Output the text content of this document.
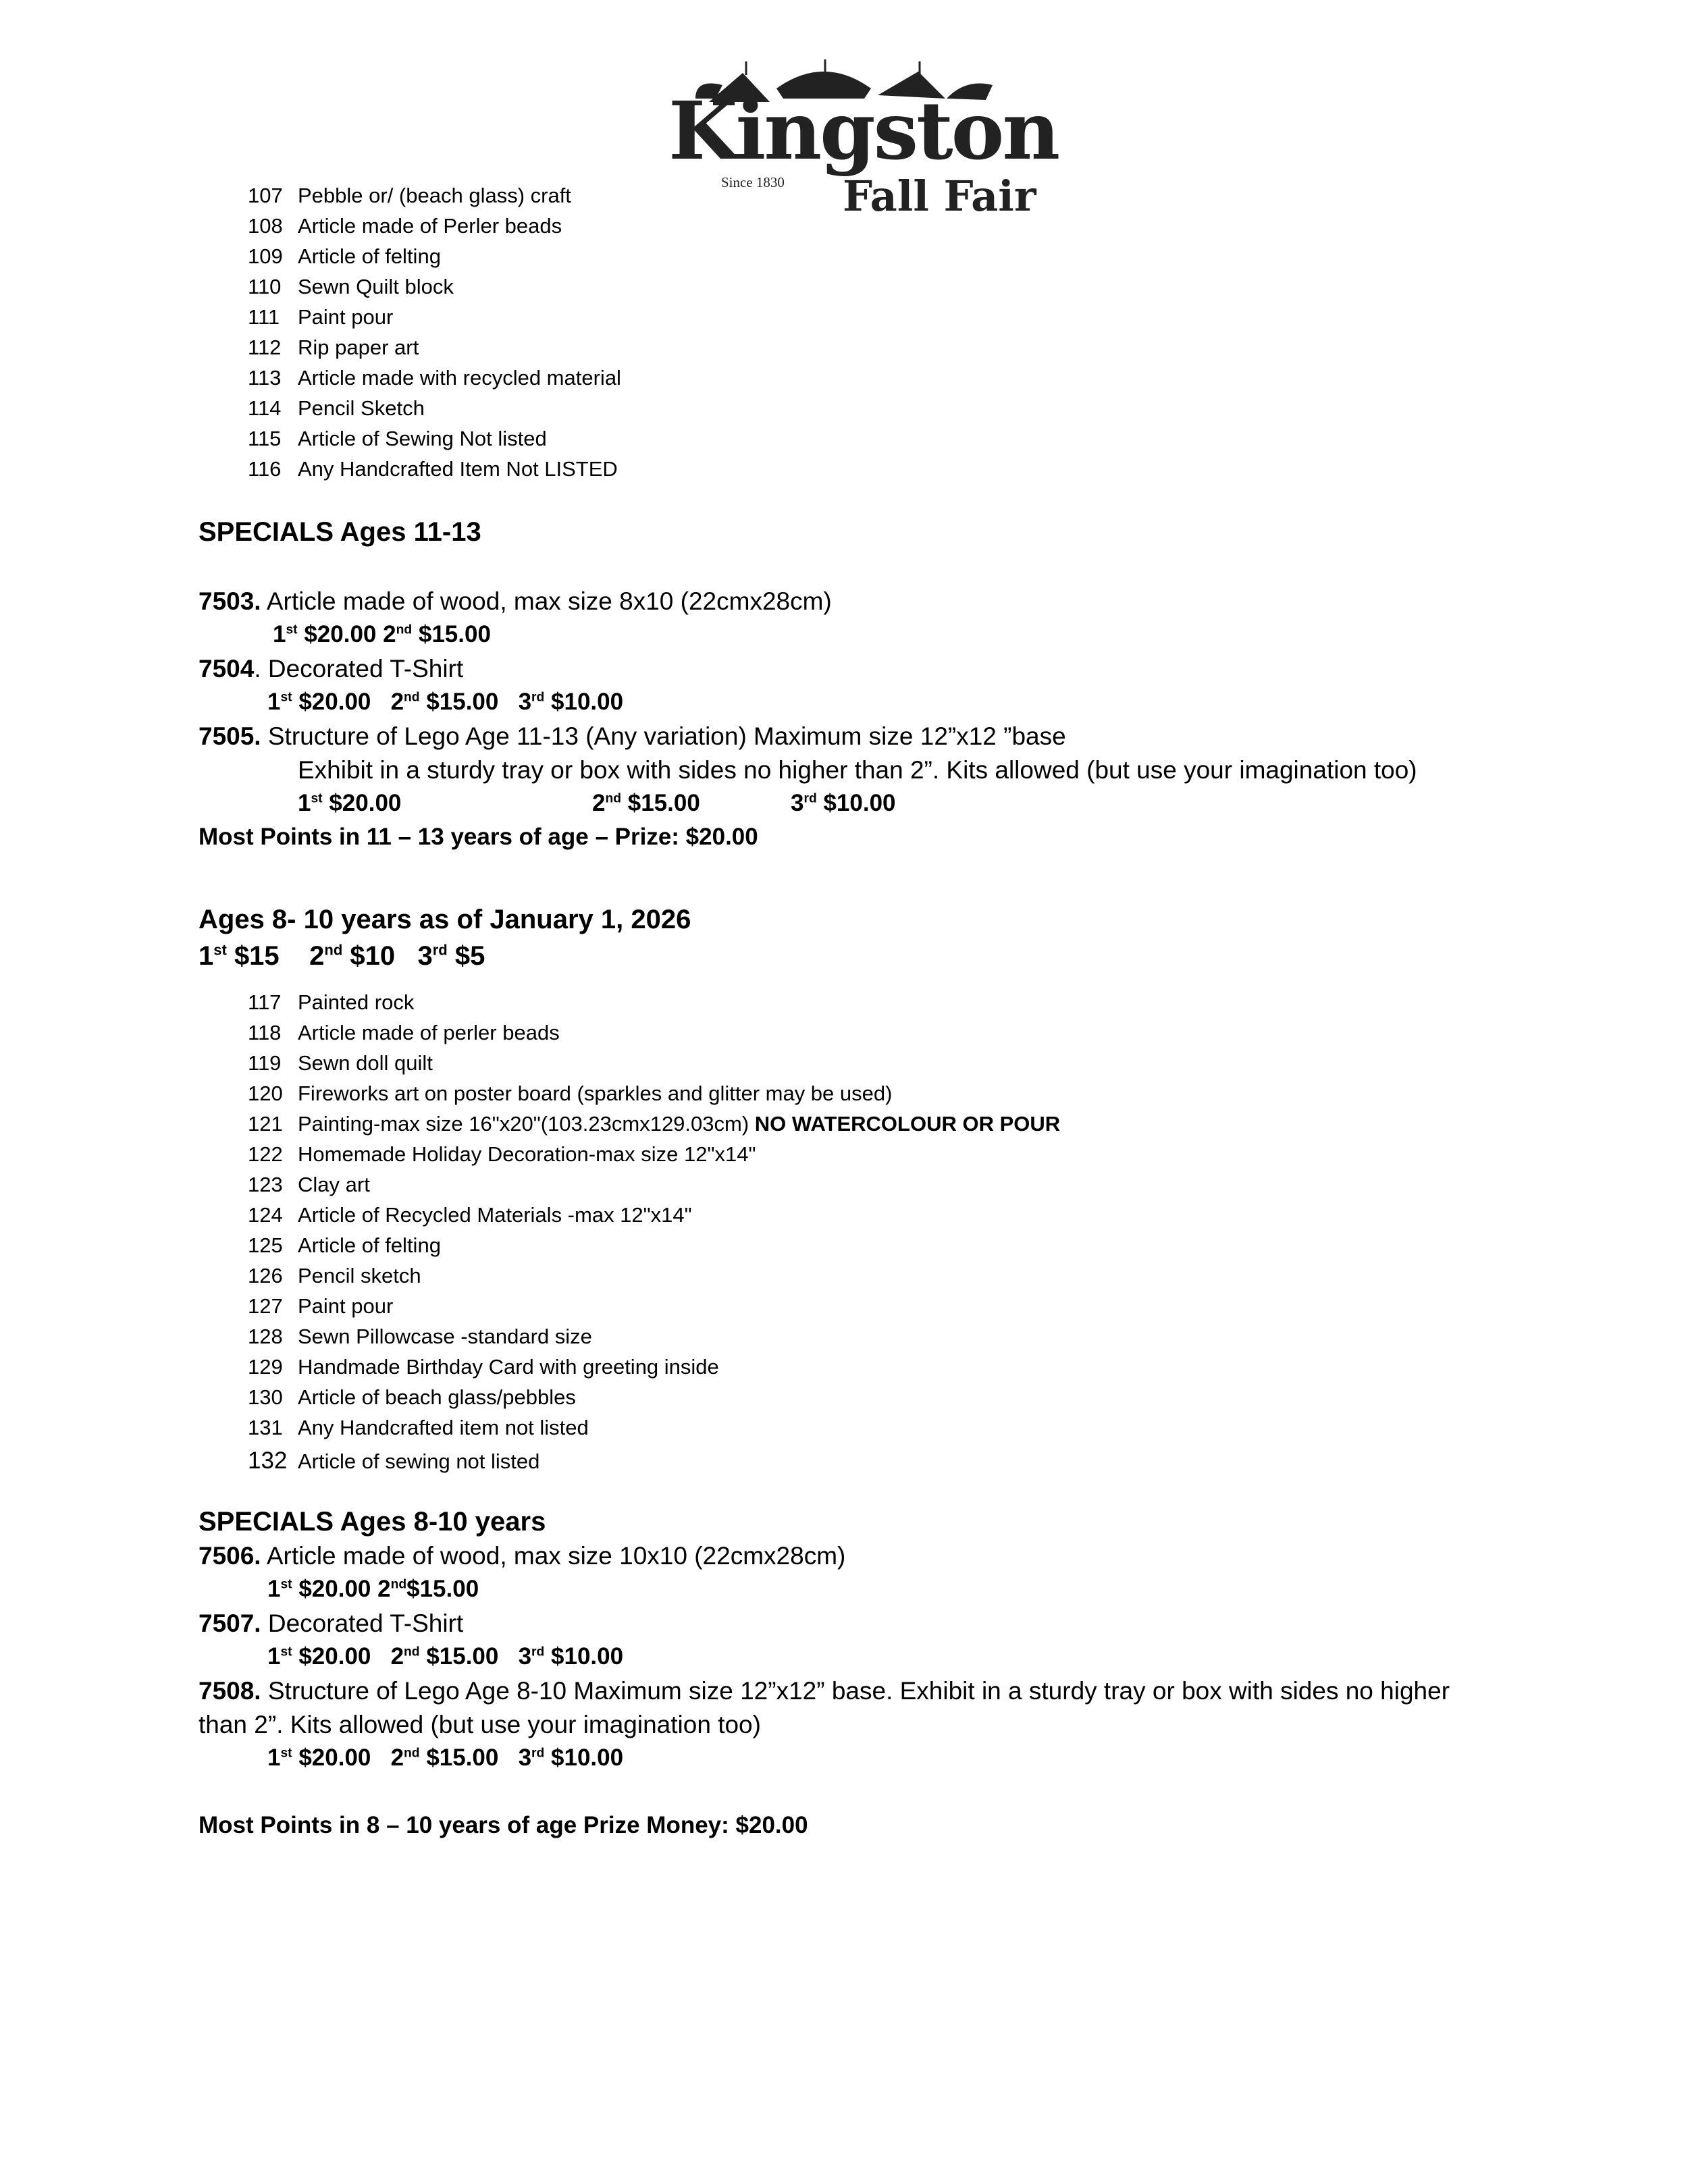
Kingston
Since 1830 Fall Fair
107 Pebble or/ (beach glass) craft
108 Article made of Perler beads
109 Article of felting
110 Sewn Quilt block
111 Paint pour
112 Rip paper art
113 Article made with recycled material
114 Pencil Sketch
115 Article of Sewing Not listed
116 Any Handcrafted Item Not LISTED
SPECIALS Ages 11-13
7503. Article made of wood, max size 8x10 (22cmx28cm)
1st $20.00 2nd $15.00
7504. Decorated T-Shirt
1st $20.00 2nd $15.00 3rd $10.00
7505. Structure of Lego Age 11-13 (Any variation) Maximum size 12”x12 ”base
Exhibit in a sturdy tray or box with sides no higher than 2”. Kits allowed (but use your imagination too)
1st $20.00	2nd $15.00	3rd $10.00
Most Points in 11 – 13 years of age – Prize: $20.00
Ages 8- 10 years as of January 1, 2026
1st $15 2nd $10 3rd $5
117 Painted rock
118 Article made of perler beads
119 Sewn doll quilt
120 Fireworks art on poster board (sparkles and glitter may be used)
121 Painting-max size 16"x20"(103.23cmx129.03cm) NO WATERCOLOUR OR POUR
122 Homemade Holiday Decoration-max size 12"x14"
123 Clay art
124 Article of Recycled Materials -max 12"x14"
125 Article of felting
126 Pencil sketch
127 Paint pour
128 Sewn Pillowcase -standard size
129 Handmade Birthday Card with greeting inside
130 Article of beach glass/pebbles
131 Any Handcrafted item not listed
132 Article of sewing not listed
SPECIALS Ages 8-10 years
7506. Article made of wood, max size 10x10 (22cmx28cm)
1st $20.00 2nd$15.00
7507. Decorated T-Shirt
1st $20.00 2nd $15.00 3rd $10.00
7508. Structure of Lego Age 8-10 Maximum size 12”x12” base. Exhibit in a sturdy tray or box with sides no higher
than 2”. Kits allowed (but use your imagination too)
1st $20.00 2nd $15.00 3rd $10.00
Most Points in 8 – 10 years of age Prize Money: $20.00
